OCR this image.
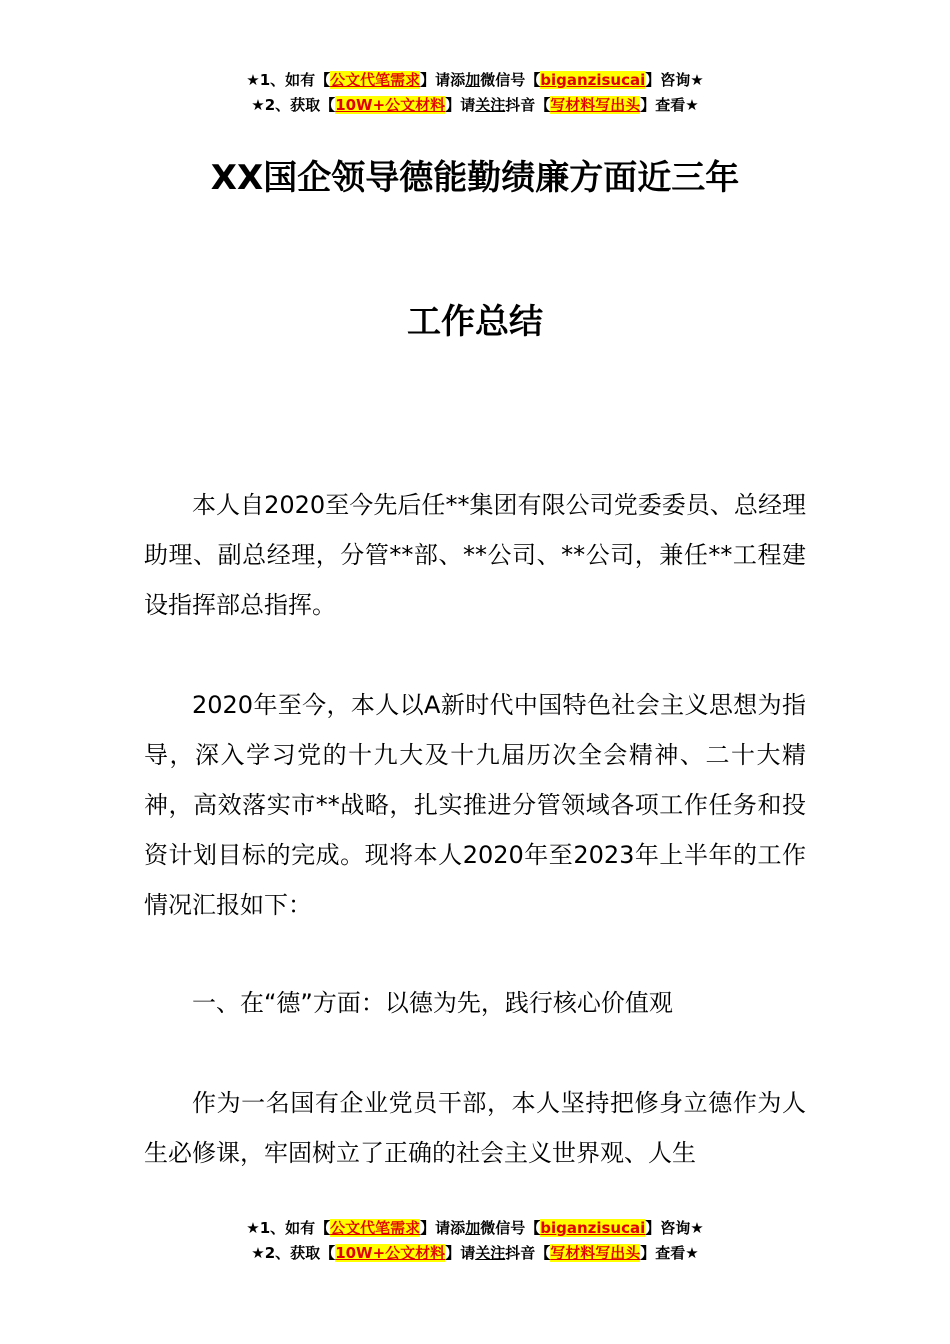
★1、如有【公文代笔需求】请添加微信号【biganzisucai】咨询★
★2、获取【10W+公文材料】请关注抖音【写材料写出头】查看★
XX国企领导德能勤绩廉方面近三年
工作总结

本人自2020至今先后任**集团有限公司党委委员、总经理助理、副总经理，分管**部、**公司、**公司，兼任**工程建设指挥部总指挥。

2020年至今，本人以A新时代中国特色社会主义思想为指导，深入学习党的十九大及十九届历次全会精神、二十大精神，高效落实市**战略，扎实推进分管领域各项工作任务和投资计划目标的完成。现将本人2020年至2023年上半年的工作情况汇报如下：

一、在“德”方面：以德为先，践行核心价值观

作为一名国有企业党员干部，本人坚持把修身立德作为人生必修课，牢固树立了正确的社会主义世界观、人生

★1、如有【公文代笔需求】请添加微信号【biganzisucai】咨询★
★2、获取【10W+公文材料】请关注抖音【写材料写出头】查看★
